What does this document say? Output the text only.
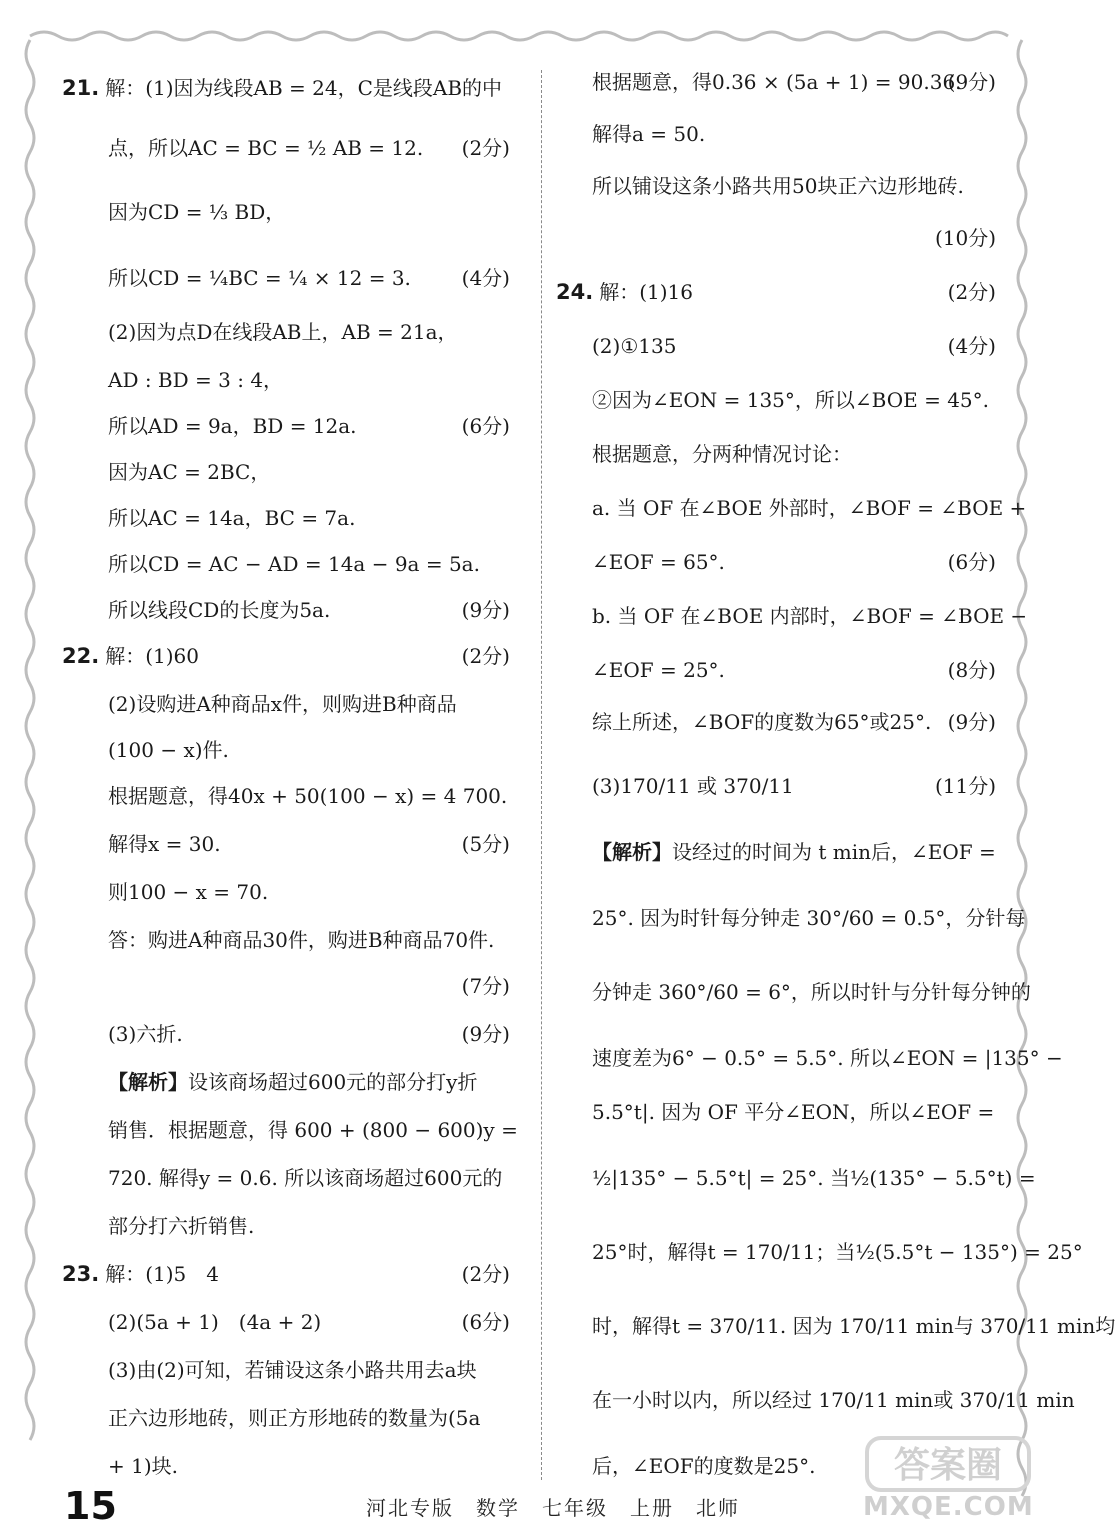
21. 解：(1)因为线段AB = 24，C是线段AB的中
点，所以AC = BC = ½ AB = 12. (2分)
因为CD = ⅓ BD，
所以CD = ¼BC = ¼ × 12 = 3.	(4分)
(2)因为点D在线段AB上，AB = 21a，
AD : BD = 3 : 4，
所以AD = 9a，BD = 12a.	(6分)
因为AC = 2BC，
所以AC = 14a，BC = 7a.
所以CD = AC − AD = 14a − 9a = 5a.
所以线段CD的长度为5a.	(9分)
22. 解：(1)60	(2分)
(2)设购进A种商品x件，则购进B种商品
(100 − x)件.
根据题意，得40x + 50(100 − x) = 4 700.
解得x = 30.	(5分)
则100 − x = 70.
答：购进A种商品30件，购进B种商品70件.
(7分)
(3)六折.	(9分)
【解析】设该商场超过600元的部分打y折
销售．根据题意，得 600 + (800 − 600)y =
720. 解得y = 0.6. 所以该商场超过600元的
部分打六折销售.
23. 解：(1)5　4	(2分)
(2)(5a + 1)　(4a + 2)	(6分)
(3)由(2)可知，若铺设这条小路共用去a块
正六边形地砖，则正方形地砖的数量为(5a
+ 1)块.
根据题意，得0.36 × (5a + 1) = 90.36.
(9分)
解得a = 50.
所以铺设这条小路共用50块正六边形地砖.
(10分)
24. 解：(1)16	(2分)
(2)①135	(4分)
②因为∠EON = 135°，所以∠BOE = 45°.
根据题意，分两种情况讨论：
a. 当 OF 在∠BOE 外部时，∠BOF = ∠BOE +
∠EOF = 65°.	(6分)
b. 当 OF 在∠BOE 内部时，∠BOF = ∠BOE −
∠EOF = 25°.	(8分)
综上所述，∠BOF的度数为65°或25°. (9分)
(3)170/11 或 370/11	(11分)
【解析】设经过的时间为 t min后，∠EOF =
25°. 因为时针每分钟走 30°/60 = 0.5°，分针每
分钟走 360°/60 = 6°，所以时针与分针每分钟的
速度差为6° − 0.5° = 5.5°. 所以∠EON = |135° −
5.5°t|. 因为 OF 平分∠EON，所以∠EOF =
½|135° − 5.5°t| = 25°. 当½(135° − 5.5°t) =
25°时，解得t = 170/11；当½(5.5°t − 135°) = 25°
时，解得t = 370/11. 因为 170/11 min与 370/11 min均
在一小时以内，所以经过 170/11 min或 370/11 min
后，∠EOF的度数是25°.
15	河北专版　数学　七年级　上册　北师
答案圈
MXQE.COM
